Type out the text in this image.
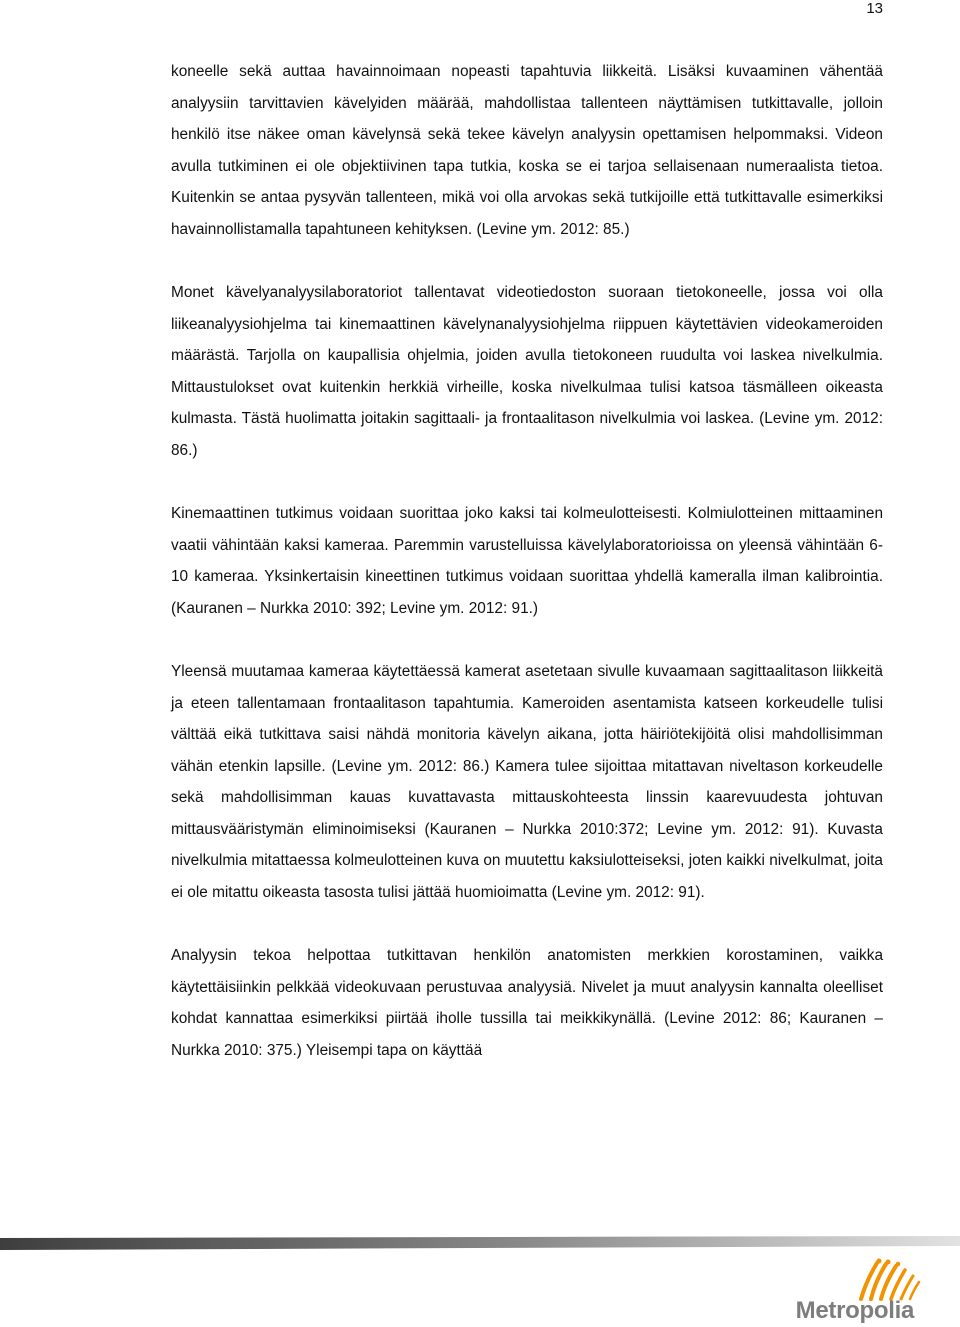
13

koneelle sekä auttaa havainnoimaan nopeasti tapahtuvia liikkeitä. Lisäksi kuvaaminen vähentää analyysiin tarvittavien kävelyiden määrää, mahdollistaa tallenteen näyttämisen tutkittavalle, jolloin henkilö itse näkee oman kävelynsä sekä tekee kävelyn analyysin opettamisen helpommaksi. Videon avulla tutkiminen ei ole objektiivinen tapa tutkia, koska se ei tarjoa sellaisenaan numeraalista tietoa. Kuitenkin se antaa pysyvän tallenteen, mikä voi olla arvokas sekä tutkijoille että tutkittavalle esimerkiksi havainnollistamalla tapahtuneen kehityksen. (Levine ym. 2012: 85.)

Monet kävelyanalyysilaboratoriot tallentavat videotiedoston suoraan tietokoneelle, jossa voi olla liikeanalyysiohjelma tai kinemaattinen kävelynanalyysiohjelma riippuen käytettävien videokameroiden määrästä. Tarjolla on kaupallisia ohjelmia, joiden avulla tietokoneen ruudulta voi laskea nivelkulmia. Mittaustulokset ovat kuitenkin herkkiä virheille, koska nivelkulmaa tulisi katsoa täsmälleen oikeasta kulmasta. Tästä huolimatta joitakin sagittaali- ja frontaalitason nivelkulmia voi laskea. (Levine ym. 2012: 86.)

Kinemaattinen tutkimus voidaan suorittaa joko kaksi tai kolmeulotteisesti. Kolmiulotteinen mittaaminen vaatii vähintään kaksi kameraa. Paremmin varustelluissa kävelylaboratorioissa on yleensä vähintään 6-10 kameraa. Yksinkertaisin kineettinen tutkimus voidaan suorittaa yhdellä kameralla ilman kalibrointia. (Kauranen – Nurkka 2010: 392; Levine ym. 2012: 91.)

Yleensä muutamaa kameraa käytettäessä kamerat asetetaan sivulle kuvaamaan sagittaalitason liikkeitä ja eteen tallentamaan frontaalitason tapahtumia. Kameroiden asentamista katseen korkeudelle tulisi välttää eikä tutkittava saisi nähdä monitoria kävelyn aikana, jotta häiriötekijöitä olisi mahdollisimman vähän etenkin lapsille. (Levine ym. 2012: 86.) Kamera tulee sijoittaa mitattavan niveltason korkeudelle sekä mahdollisimman kauas kuvattavasta mittauskohteesta linssin kaarevuudesta johtuvan mittausvääristymän eliminoimiseksi (Kauranen – Nurkka 2010:372; Levine ym. 2012: 91). Kuvasta nivelkulmia mitattaessa kolmeulotteinen kuva on muutettu kaksiulotteiseksi, joten kaikki nivelkulmat, joita ei ole mitattu oikeasta tasosta tulisi jättää huomioimatta (Levine ym. 2012: 91).

Analyysin tekoa helpottaa tutkittavan henkilön anatomisten merkkien korostaminen, vaikka käytettäisiinkin pelkkää videokuvaan perustuvaa analyysiä. Nivelet ja muut analyysin kannalta oleelliset kohdat kannattaa esimerkiksi piirtää iholle tussilla tai meikkikynällä. (Levine 2012: 86; Kauranen – Nurkka 2010: 375.) Yleisempi tapa on käyttää

Metropolia
